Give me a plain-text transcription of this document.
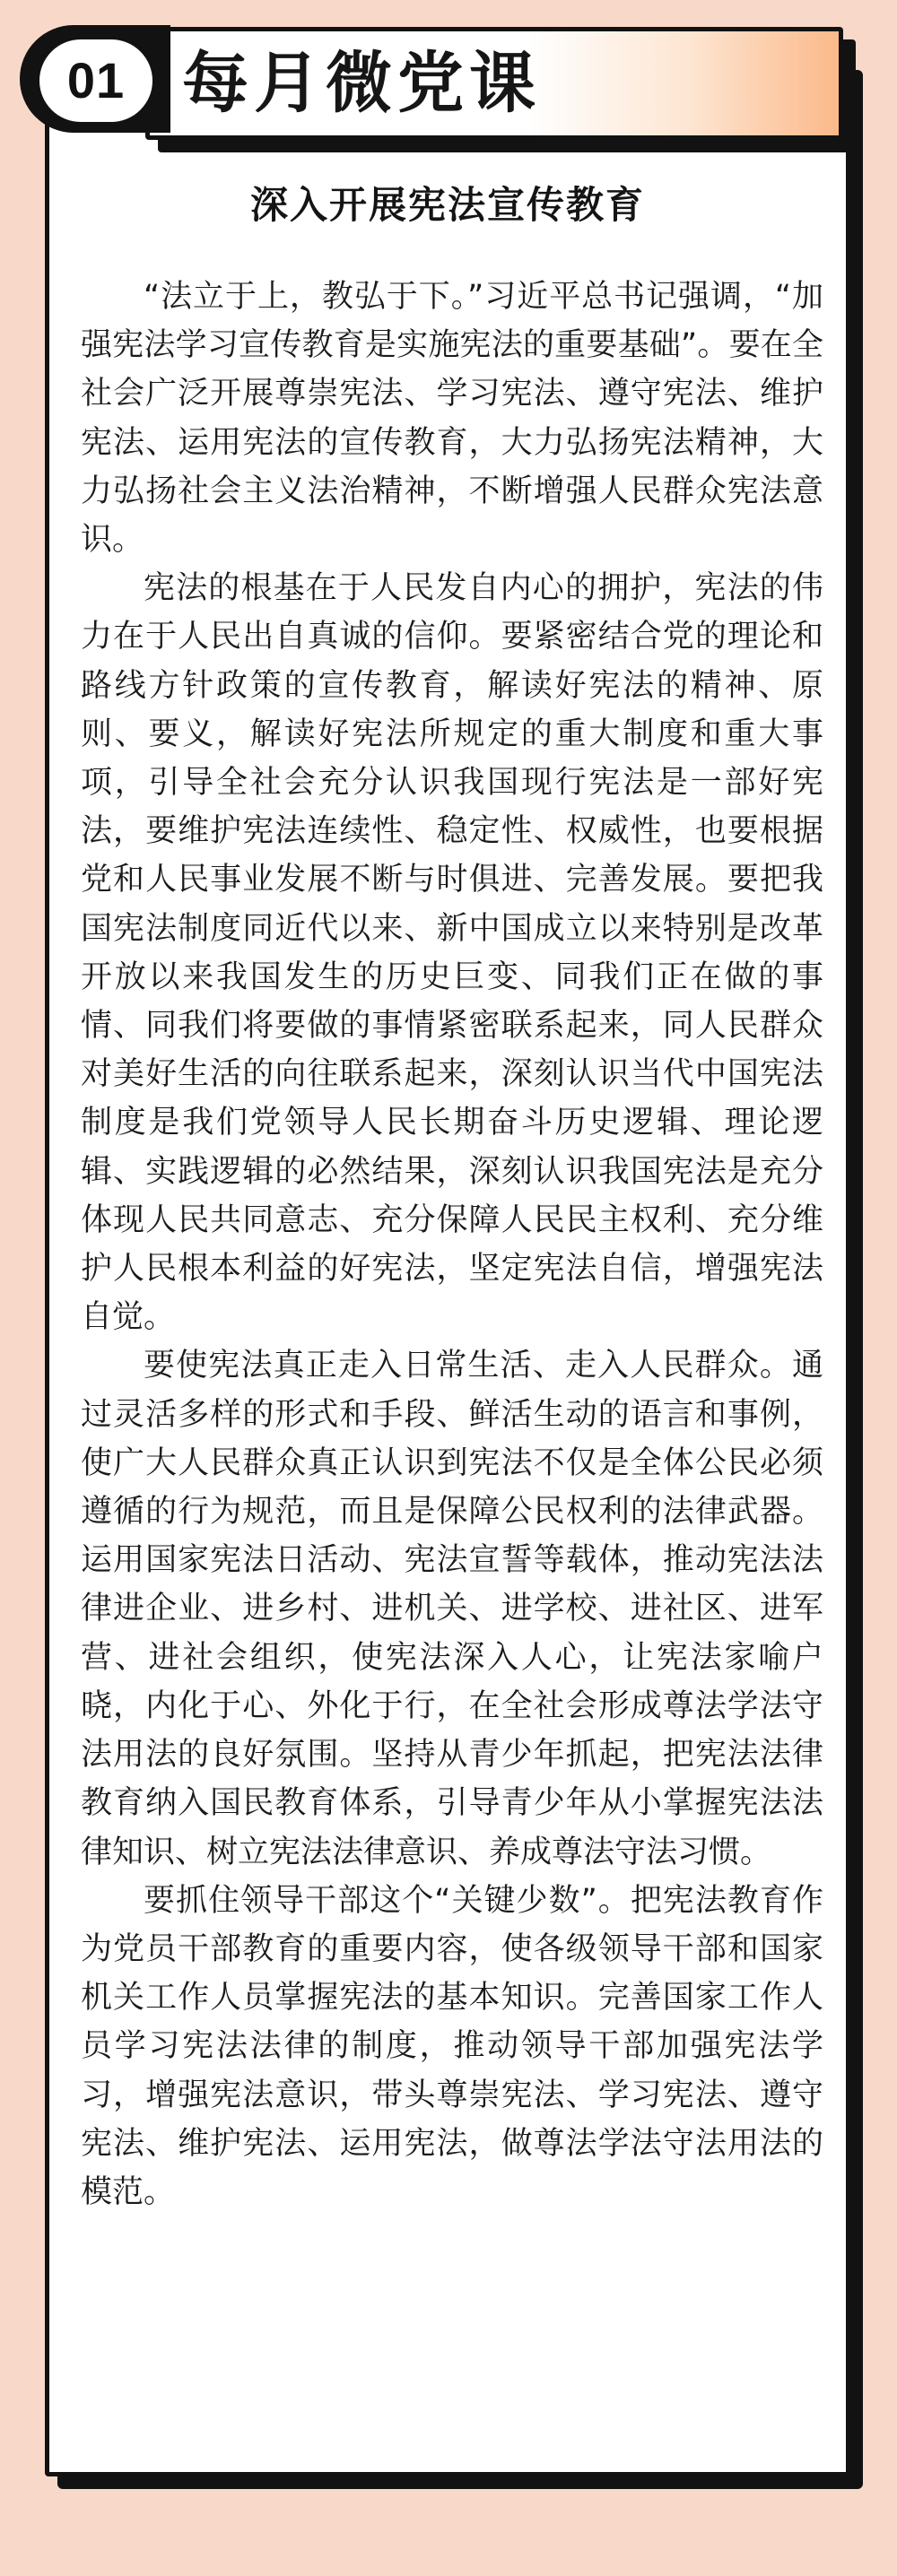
每月微党课
01
深入开展宪法宣传教育

“法立于上，教弘于下。”习近平总书记强调，“加强宪法学习宣传教育是实施宪法的重要基础”。要在全社会广泛开展尊崇宪法、学习宪法、遵守宪法、维护宪法、运用宪法的宣传教育，大力弘扬宪法精神，大力弘扬社会主义法治精神，不断增强人民群众宪法意识。

宪法的根基在于人民发自内心的拥护，宪法的伟力在于人民出自真诚的信仰。要紧密结合党的理论和路线方针政策的宣传教育，解读好宪法的精神、原则、要义，解读好宪法所规定的重大制度和重大事项，引导全社会充分认识我国现行宪法是一部好宪法，要维护宪法连续性、稳定性、权威性，也要根据党和人民事业发展不断与时俱进、完善发展。要把我国宪法制度同近代以来、新中国成立以来特别是改革开放以来我国发生的历史巨变、同我们正在做的事情、同我们将要做的事情紧密联系起来，同人民群众对美好生活的向往联系起来，深刻认识当代中国宪法制度是我们党领导人民长期奋斗历史逻辑、理论逻辑、实践逻辑的必然结果，深刻认识我国宪法是充分体现人民共同意志、充分保障人民民主权利、充分维护人民根本利益的好宪法，坚定宪法自信，增强宪法自觉。

要使宪法真正走入日常生活、走入人民群众。通过灵活多样的形式和手段、鲜活生动的语言和事例，使广大人民群众真正认识到宪法不仅是全体公民必须遵循的行为规范，而且是保障公民权利的法律武器。运用国家宪法日活动、宪法宣誓等载体，推动宪法法律进企业、进乡村、进机关、进学校、进社区、进军营、进社会组织，使宪法深入人心，让宪法家喻户晓，内化于心、外化于行，在全社会形成尊法学法守法用法的良好氛围。坚持从青少年抓起，把宪法法律教育纳入国民教育体系，引导青少年从小掌握宪法法律知识、树立宪法法律意识、养成尊法守法习惯。

要抓住领导干部这个“关键少数”。把宪法教育作为党员干部教育的重要内容，使各级领导干部和国家机关工作人员掌握宪法的基本知识。完善国家工作人员学习宪法法律的制度，推动领导干部加强宪法学习，增强宪法意识，带头尊崇宪法、学习宪法、遵守宪法、维护宪法、运用宪法，做尊法学法守法用法的模范。
